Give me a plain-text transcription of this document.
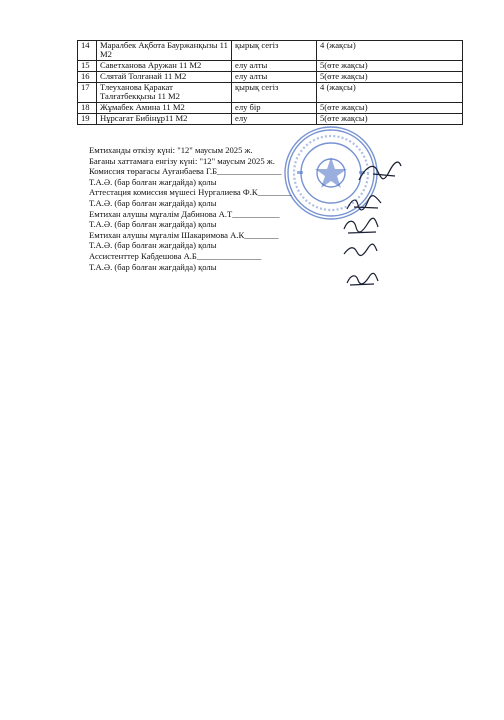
14	Маралбек Ақбота Бауржанқызы 11 М2	қырық сегіз	4 (жақсы)
15	Саветханова Аружан 11 М2	елу алты	5(өте жақсы)
16	Слятай Толғанай 11 М2	елу алты	5(өте жақсы)
17	Тлеуханова Қаракат Талғатбекқызы 11 М2	қырық сегіз	4 (жақсы)
18	Жұмабек Амина 11 М2	елу бір	5(өте жақсы)
19	Нұрсағат Бибінұр11 М2	елу	5(өте жақсы)
Емтиханды өткізу күні: "12" маусым 2025 ж.
Бағаны хаттамаға енгізу күні: "12" маусым 2025 ж.
Комиссия төрағасы Ауғанбаева Г.Б_______________
Т.А.Ә. (бар болған жағдайда) қолы
Аттестация комиссия мүшесі Нургалиева Ф.К________
Т.А.Ә. (бар болған жағдайда) қолы
Емтихан алушы мұғалім Дабинова А.Т___________
Т.А.Ә. (бар болған жағдайда) қолы
Емтихан алушы мұғалім Шакаримова А.К________
Т.А.Ә. (бар болған жағдайда) қолы
Ассистенттер Кабдешова А.Б_______________
Т.А.Ә. (бар болған жағдайда) қолы
